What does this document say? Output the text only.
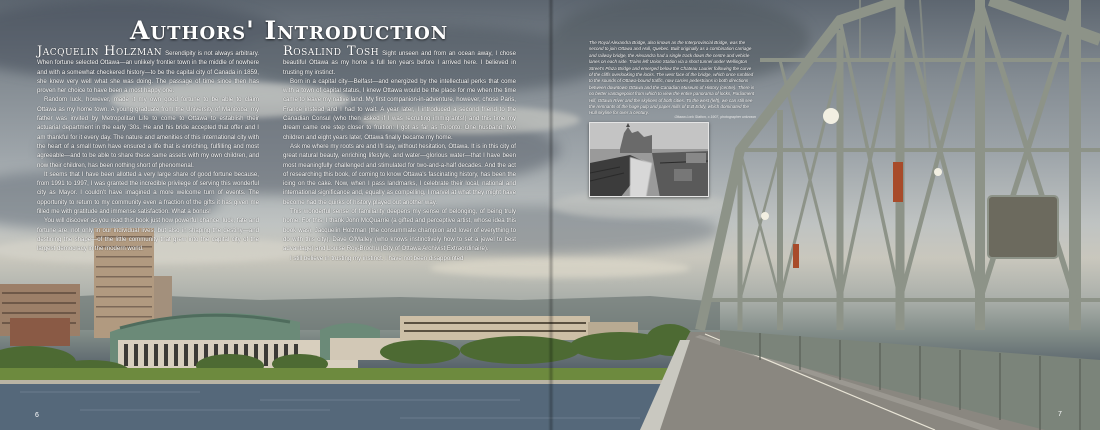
Authors' Introduction

Jacquelin Holzman Serendipity is not always arbitrary. When fortune selected Ottawa—an unlikely frontier town in the middle of nowhere and with a somewhat checkered history—to be the capital city of Canada in 1859, she knew very well what she was doing. The passage of time since then has proven her choice to have been a most happy one.

Random luck, however, made it my own good fortune to be able to claim Ottawa as my home town. A young graduate from the University of Manitoba, my father was invited by Metropolitan Life to come to Ottawa to establish their actuarial department in the early '30s. He and his bride accepted that offer and I am thankful for it every day. The nature and amenities of this international city with the heart of a small town have ensured a life that is enriching, fulfilling and most agreeable—and to be able to share these same assets with my own children, and now their children, has been nothing short of phenomenal.

It seems that I have been allotted a very large share of good fortune because, from 1991 to 1997, I was granted the incredible privilege of serving this wonderful city as Mayor. I couldn't have imagined a more welcome turn of events. The opportunity to return to my community even a fraction of the gifts it has given me filled me with gratitude and immense satisfaction. What a bonus!

You will discover as you read this book just how powerful chance, luck, fate and fortune are, not only in our individual lives, but also in shaping the destiny—and destining the shape—of the little community that grew into the capital city of the largest democracy in the modern world.

Rosalind Tosh Sight unseen and from an ocean away, I chose beautiful Ottawa as my home a full ten years before I arrived here. I believed in trusting my instinct.

Born in a capital city—Belfast—and energized by the intellectual perks that come with a town of capital status, I knew Ottawa would be the place for me when the time came to leave my native land. My first companion-in-adventure, however, chose Paris, France instead and I had to wait. A year later, I introduced a second friend to the Canadian Consul (who then asked if I was recruiting immigrants!) and this time my dream came one step closer to fruition: I got as far as Toronto. One husband, two children and eight years later, Ottawa finally became my home.

Ask me where my roots are and I'll say, without hesitation, Ottawa. It is in this city of great natural beauty, enriching lifestyle, and water—glorious water—that I have been most meaningfully challenged and stimulated for two-and-a-half decades. And the act of researching this book, of coming to know Ottawa's fascinating history, has been the icing on the cake. Now, when I pass landmarks, I celebrate their local, national and international significance and, equally as compelling, I marvel at what they might have become had the quirks of history played out another way.

This wonderful sense of familiarity deepens my sense of belonging, of being truly home. For this, I thank John McQuarrie (a gifted and perceptive artist, whose idea this book was), Jacquelin Holzman (the consummate champion and lover of everything to do with this city), Dave O'Malley (who knows instinctively how to set a jewel to best advantage) and Louise Roy-Brochu (City of Ottawa Archivist Extraordinaire).

I still believe in trusting my instinct. I have not been disappointed

The Royal Alexandra Bridge, also known as the Interprovincial Bridge, was the second to join Ottawa and Hull, Quebec. Built originally as a combination carriage and railway bridge, the Alexandra had a single track down the centre and vehicle lanes on each side. Trains left Union Station via a short tunnel under Wellington Street's Plaza Bridge and emerged below the Chateau Laurier following the curve of the cliffs overlooking the locks. The west face of the bridge, which once rumbled to the sounds of Ottawa-bound traffic, now carries pedestrians in both directions between downtown Ottawa and the Canadian Museum of History (centre). There is no better vantagepoint from which to view the entire panorama of locks, Parliament Hill, Ottawa River and the skylines of both cities. To the west (left), we can still see the remnants of the huge pulp and paper mills of E.B Eddy, which dominated the Hull skyline for over a century.
Ottawa Lock Station, c.1907, photographer unknown
6	7
